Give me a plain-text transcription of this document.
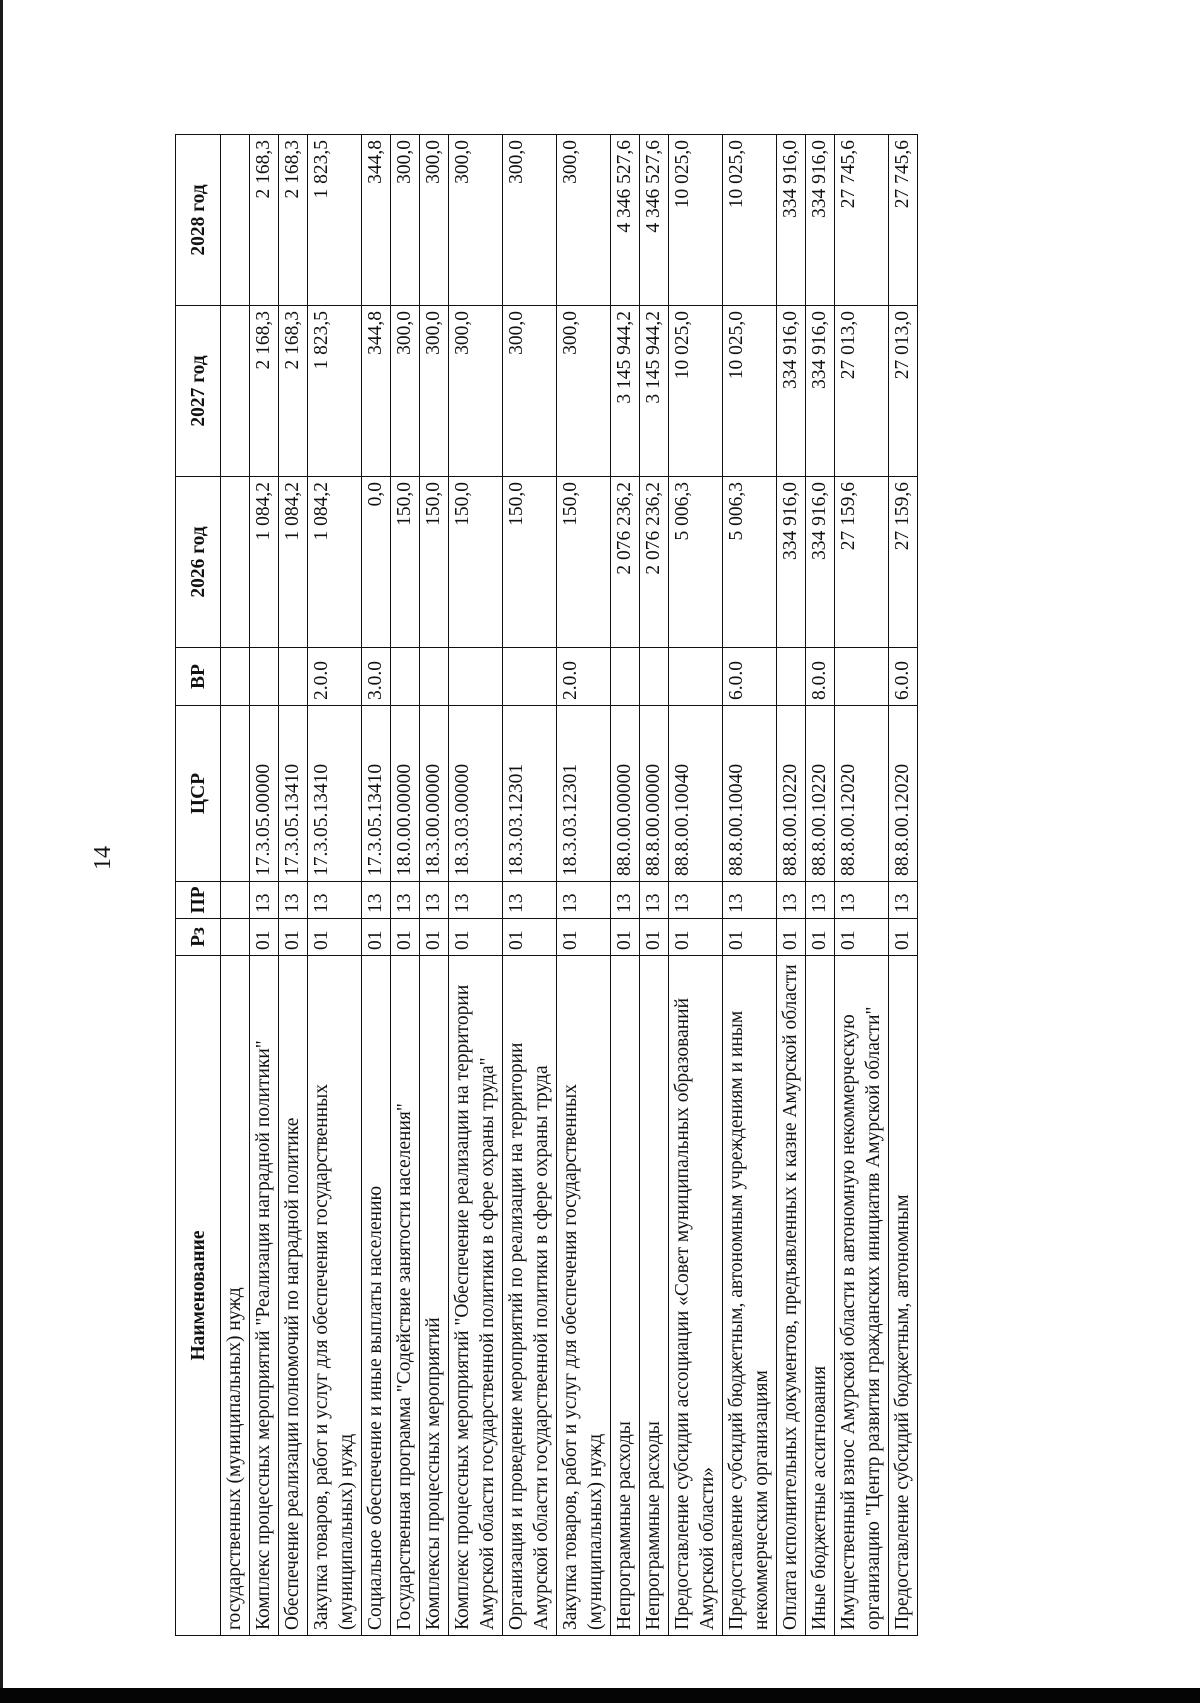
14
Наименование	Рз	ПР	ЦСР	ВР	2026 год	2027 год	2028 год
государственных (муниципальных) нужд							
Комплекс процессных мероприятий "Реализация наградной политики"	01	13	17.3.05.00000		1 084,2	2 168,3	2 168,3
Обеспечение реализации полномочий по наградной политике	01	13	17.3.05.13410		1 084,2	2 168,3	2 168,3
Закупка товаров, работ и услуг для обеспечения государственных (муниципальных) нужд	01	13	17.3.05.13410	2.0.0	1 084,2	1 823,5	1 823,5
Социальное обеспечение и иные выплаты населению	01	13	17.3.05.13410	3.0.0	0,0	344,8	344,8
Государственная программа "Содействие занятости населения"	01	13	18.0.00.00000		150,0	300,0	300,0
Комплексы процессных мероприятий	01	13	18.3.00.00000		150,0	300,0	300,0
Комплекс процессных мероприятий "Обеспечение реализации на территории Амурской области государственной политики в сфере охраны труда"	01	13	18.3.03.00000		150,0	300,0	300,0
Организация и проведение мероприятий по реализации на территории Амурской области государственной политики в сфере охраны труда	01	13	18.3.03.12301		150,0	300,0	300,0
Закупка товаров, работ и услуг для обеспечения государственных (муниципальных) нужд	01	13	18.3.03.12301	2.0.0	150,0	300,0	300,0
Непрограммные расходы	01	13	88.0.00.00000		2 076 236,2	3 145 944,2	4 346 527,6
Непрограммные расходы	01	13	88.8.00.00000		2 076 236,2	3 145 944,2	4 346 527,6
Предоставление субсидии ассоциации «Совет муниципальных образований Амурской области»	01	13	88.8.00.10040		5 006,3	10 025,0	10 025,0
Предоставление субсидий бюджетным, автономным учреждениям и иным некоммерческим организациям	01	13	88.8.00.10040	6.0.0	5 006,3	10 025,0	10 025,0
Оплата исполнительных документов, предъявленных к казне Амурской области	01	13	88.8.00.10220		334 916,0	334 916,0	334 916,0
Иные бюджетные ассигнования	01	13	88.8.00.10220	8.0.0	334 916,0	334 916,0	334 916,0
Имущественный взнос Амурской области в автономную некоммерческую организацию "Центр развития гражданских инициатив Амурской области"	01	13	88.8.00.12020		27 159,6	27 013,0	27 745,6
Предоставление субсидий бюджетным, автономным	01	13	88.8.00.12020	6.0.0	27 159,6	27 013,0	27 745,6
